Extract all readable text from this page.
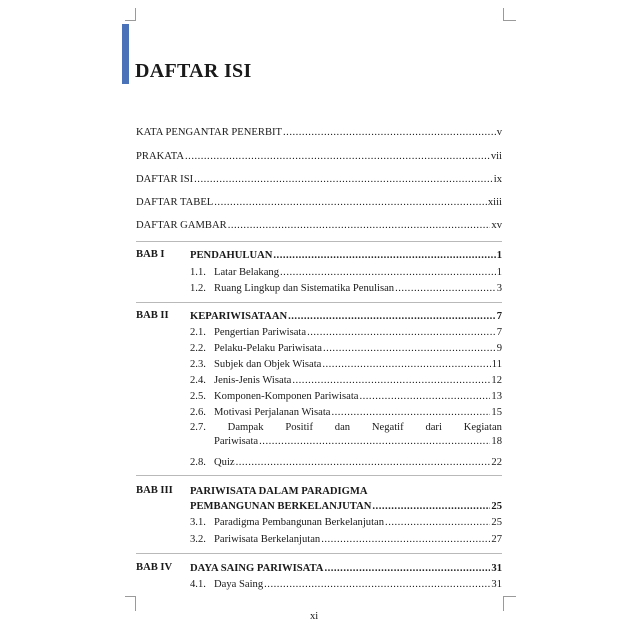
DAFTAR ISI
KATA PENGANTAR PENERBIT .....	v
PRAKATA .....	vii
DAFTAR ISI .....	ix
DAFTAR TABEL .....	xiii
DAFTAR GAMBAR .....	xv
BAB I PENDAHULUAN .....	1
1.1. Latar Belakang .....	1
1.2. Ruang Lingkup dan Sistematika Penulisan .....	3
BAB II KEPARIWISATAAN .....	7
2.1. Pengertian Pariwisata .....	7
2.2. Pelaku-Pelaku Pariwisata .....	9
2.3. Subjek dan Objek Wisata .....	11
2.4. Jenis-Jenis Wisata .....	12
2.5. Komponen-Komponen Pariwisata .....	13
2.6. Motivasi Perjalanan Wisata .....	15
2.7. Dampak Positif dan Negatif dari Kegiatan
Pariwisata .....	18
2.8. Quiz .....	22
BAB III PARIWISATA DALAM PARADIGMA
PEMBANGUNAN BERKELANJUTAN .....	25
3.1. Paradigma Pembangunan Berkelanjutan .....	25
3.2. Pariwisata Berkelanjutan .....	27
BAB IV DAYA SAING PARIWISATA .....	31
4.1. Daya Saing .....	31
xi
